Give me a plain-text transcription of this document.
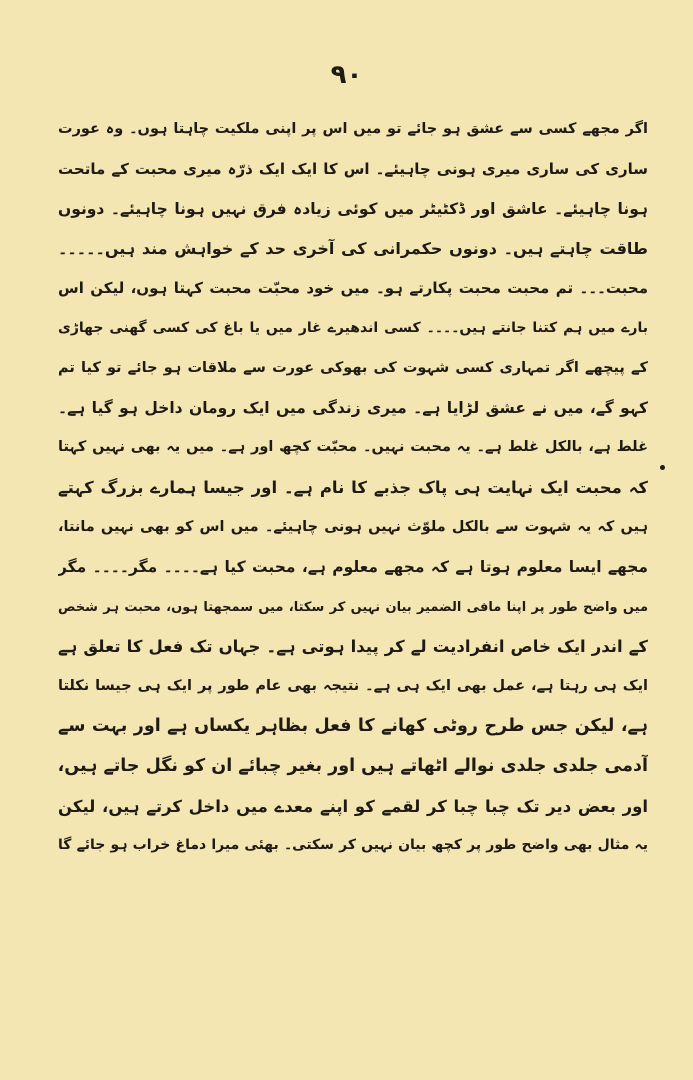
۹۰
اگر مجھے کسی سے عشق ہو جائے تو میں اس پر اپنی ملکیت چاہتا ہوں۔ وہ عورت
ساری کی ساری میری ہونی چاہیئے۔ اس کا ایک ایک ذرّہ میری محبت کے ماتحت
ہونا چاہیئے۔ عاشق اور ڈکٹیٹر میں کوئی زیادہ فرق نہیں ہونا چاہیئے۔ دونوں
طاقت چاہتے ہیں۔ دونوں حکمرانی کی آخری حد کے خواہش مند ہیں۔۔۔۔۔
محبت۔۔۔ تم محبت محبت پکارتے ہو۔ میں خود محبّت محبت کہتا ہوں، لیکن اس
بارے میں ہم کتنا جانتے ہیں۔۔۔۔ کسی اندھیرے غار میں یا باغ کی کسی گھنی جھاڑی
کے پیچھے اگر تمہاری کسی شہوت کی بھوکی عورت سے ملاقات ہو جائے تو کیا تم
کہو گے، میں نے عشق لڑایا ہے۔ میری زندگی میں ایک رومان داخل ہو گیا ہے۔
غلط ہے، بالکل غلط ہے۔ یہ محبت نہیں۔ محبّت کچھ اور ہے۔ میں یہ بھی نہیں کہتا
کہ محبت ایک نہایت ہی پاک جذبے کا نام ہے۔ اور جیسا ہمارے بزرگ کہتے
ہیں کہ یہ شہوت سے بالکل ملوّث نہیں ہونی چاہیئے۔ میں اس کو بھی نہیں مانتا،
مجھے ایسا معلوم ہوتا ہے کہ مجھے معلوم ہے، محبت کیا ہے۔۔۔۔ مگر۔۔۔۔ مگر
میں واضح طور پر اپنا مافی الضمیر بیان نہیں کر سکتا، میں سمجھتا ہوں، محبت ہر شخص
کے اندر ایک خاص انفرادیت لے کر پیدا ہوتی ہے۔ جہاں تک فعل کا تعلق ہے
ایک ہی رہتا ہے، عمل بھی ایک ہی ہے۔ نتیجہ بھی عام طور پر ایک ہی جیسا نکلتا
ہے، لیکن جس طرح روٹی کھانے کا فعل بظاہر یکساں ہے اور بہت سے
آدمی جلدی جلدی نوالے اٹھاتے ہیں اور بغیر چبائے ان کو نگل جاتے ہیں،
اور بعض دیر تک چبا چبا کر لقمے کو اپنے معدے میں داخل کرتے ہیں، لیکن
یہ مثال بھی واضح طور پر کچھ بیان نہیں کر سکتی۔ بھئی میرا دماغ خراب ہو جائے گا
